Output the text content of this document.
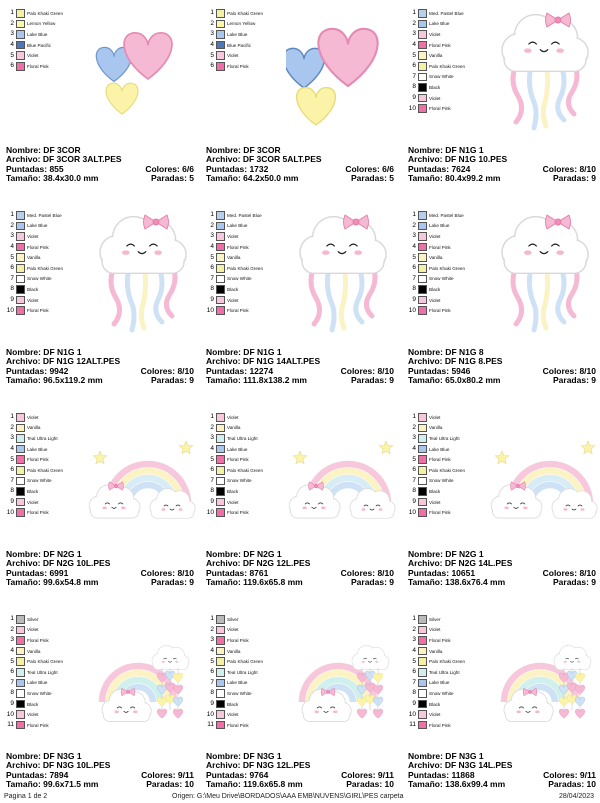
1	Palo Khaki Green
2	Lemon Yellow
3	Lake Blue
4	Blue Pacific
5	Violet
6	Floral Pink
Nombre: DF 3COR
Archivo: DF 3COR 3ALT.PES
Puntadas: 855	Colores: 6/6
Tamaño: 38.4x30.0 mm	Paradas: 5
1	Palo Khaki Green
2	Lemon Yellow
3	Lake Blue
4	Blue Pacific
5	Violet
6	Floral Pink
Nombre: DF 3COR
Archivo: DF 3COR 5ALT.PES
Puntadas: 1732	Colores: 6/6
Tamaño: 64.2x50.0 mm	Paradas: 5
1	Med. Pastel Blue
2	Lake Blue
3	Violet
4	Floral Pink
5	Vanilla
6	Palo Khaki Green
7	Snow White
8	Black
9	Violet
10	Floral Pink
Nombre: DF N1G 1
Archivo: DF N1G 10.PES
Puntadas: 7624	Colores: 8/10
Tamaño: 80.4x99.2 mm	Paradas: 9
1	Med. Pastel Blue
2	Lake Blue
3	Violet
4	Floral Pink
5	Vanilla
6	Palo Khaki Green
7	Snow White
8	Black
9	Violet
10	Floral Pink
Nombre: DF N1G 1
Archivo: DF N1G 12ALT.PES
Puntadas: 9942	Colores: 8/10
Tamaño: 96.5x119.2 mm	Paradas: 9
1	Med. Pastel Blue
2	Lake Blue
3	Violet
4	Floral Pink
5	Vanilla
6	Palo Khaki Green
7	Snow White
8	Black
9	Violet
10	Floral Pink
Nombre: DF N1G 1
Archivo: DF N1G 14ALT.PES
Puntadas: 12274	Colores: 8/10
Tamaño: 111.8x138.2 mm	Paradas: 9
1	Med. Pastel Blue
2	Lake Blue
3	Violet
4	Floral Pink
5	Vanilla
6	Palo Khaki Green
7	Snow White
8	Black
9	Violet
10	Floral Pink
Nombre: DF N1G 8
Archivo: DF N1G 8.PES
Puntadas: 5946	Colores: 8/10
Tamaño: 65.0x80.2 mm	Paradas: 9
1	Violet
2	Vanilla
3	Teal Ultra Light
4	Lake Blue
5	Floral Pink
6	Palo Khaki Green
7	Snow White
8	Black
9	Violet
10	Floral Pink
Nombre: DF N2G 1
Archivo: DF N2G 10L.PES
Puntadas: 6991	Colores: 8/10
Tamaño: 99.6x54.8 mm	Paradas: 9
1	Violet
2	Vanilla
3	Teal Ultra Light
4	Lake Blue
5	Floral Pink
6	Palo Khaki Green
7	Snow White
8	Black
9	Violet
10	Floral Pink
Nombre: DF N2G 1
Archivo: DF N2G 12L.PES
Puntadas: 8761	Colores: 8/10
Tamaño: 119.6x65.8 mm	Paradas: 9
1	Violet
2	Vanilla
3	Teal Ultra Light
4	Lake Blue
5	Floral Pink
6	Palo Khaki Green
7	Snow White
8	Black
9	Violet
10	Floral Pink
Nombre: DF N2G 1
Archivo: DF N2G 14L.PES
Puntadas: 10651	Colores: 8/10
Tamaño: 138.6x76.4 mm	Paradas: 9
1	Silver
2	Violet
3	Floral Pink
4	Vanilla
5	Palo Khaki Green
6	Teal Ultra Light
7	Lake Blue
8	Snow White
9	Black
10	Violet
11	Floral Pink
Nombre: DF N3G 1
Archivo: DF N3G 10L.PES
Puntadas: 7894	Colores: 9/11
Tamaño: 99.6x71.5 mm	Paradas: 10
1	Silver
2	Violet
3	Floral Pink
4	Vanilla
5	Palo Khaki Green
6	Teal Ultra Light
7	Lake Blue
8	Snow White
9	Black
10	Violet
11	Floral Pink
Nombre: DF N3G 1
Archivo: DF N3G 12L.PES
Puntadas: 9764	Colores: 9/11
Tamaño: 119.6x65.8 mm	Paradas: 10
1	Silver
2	Violet
3	Floral Pink
4	Vanilla
5	Palo Khaki Green
6	Teal Ultra Light
7	Lake Blue
8	Snow White
9	Black
10	Violet
11	Floral Pink
Nombre: DF N3G 1
Archivo: DF N3G 14L.PES
Puntadas: 11868	Colores: 9/11
Tamaño: 138.6x99.4 mm	Paradas: 10
Pagina 1 de 2	Origen: G:\Meu Drive\BORDADOS\AAA EMB\NUVENS\GIRL\PES carpeta	28/04/2023
